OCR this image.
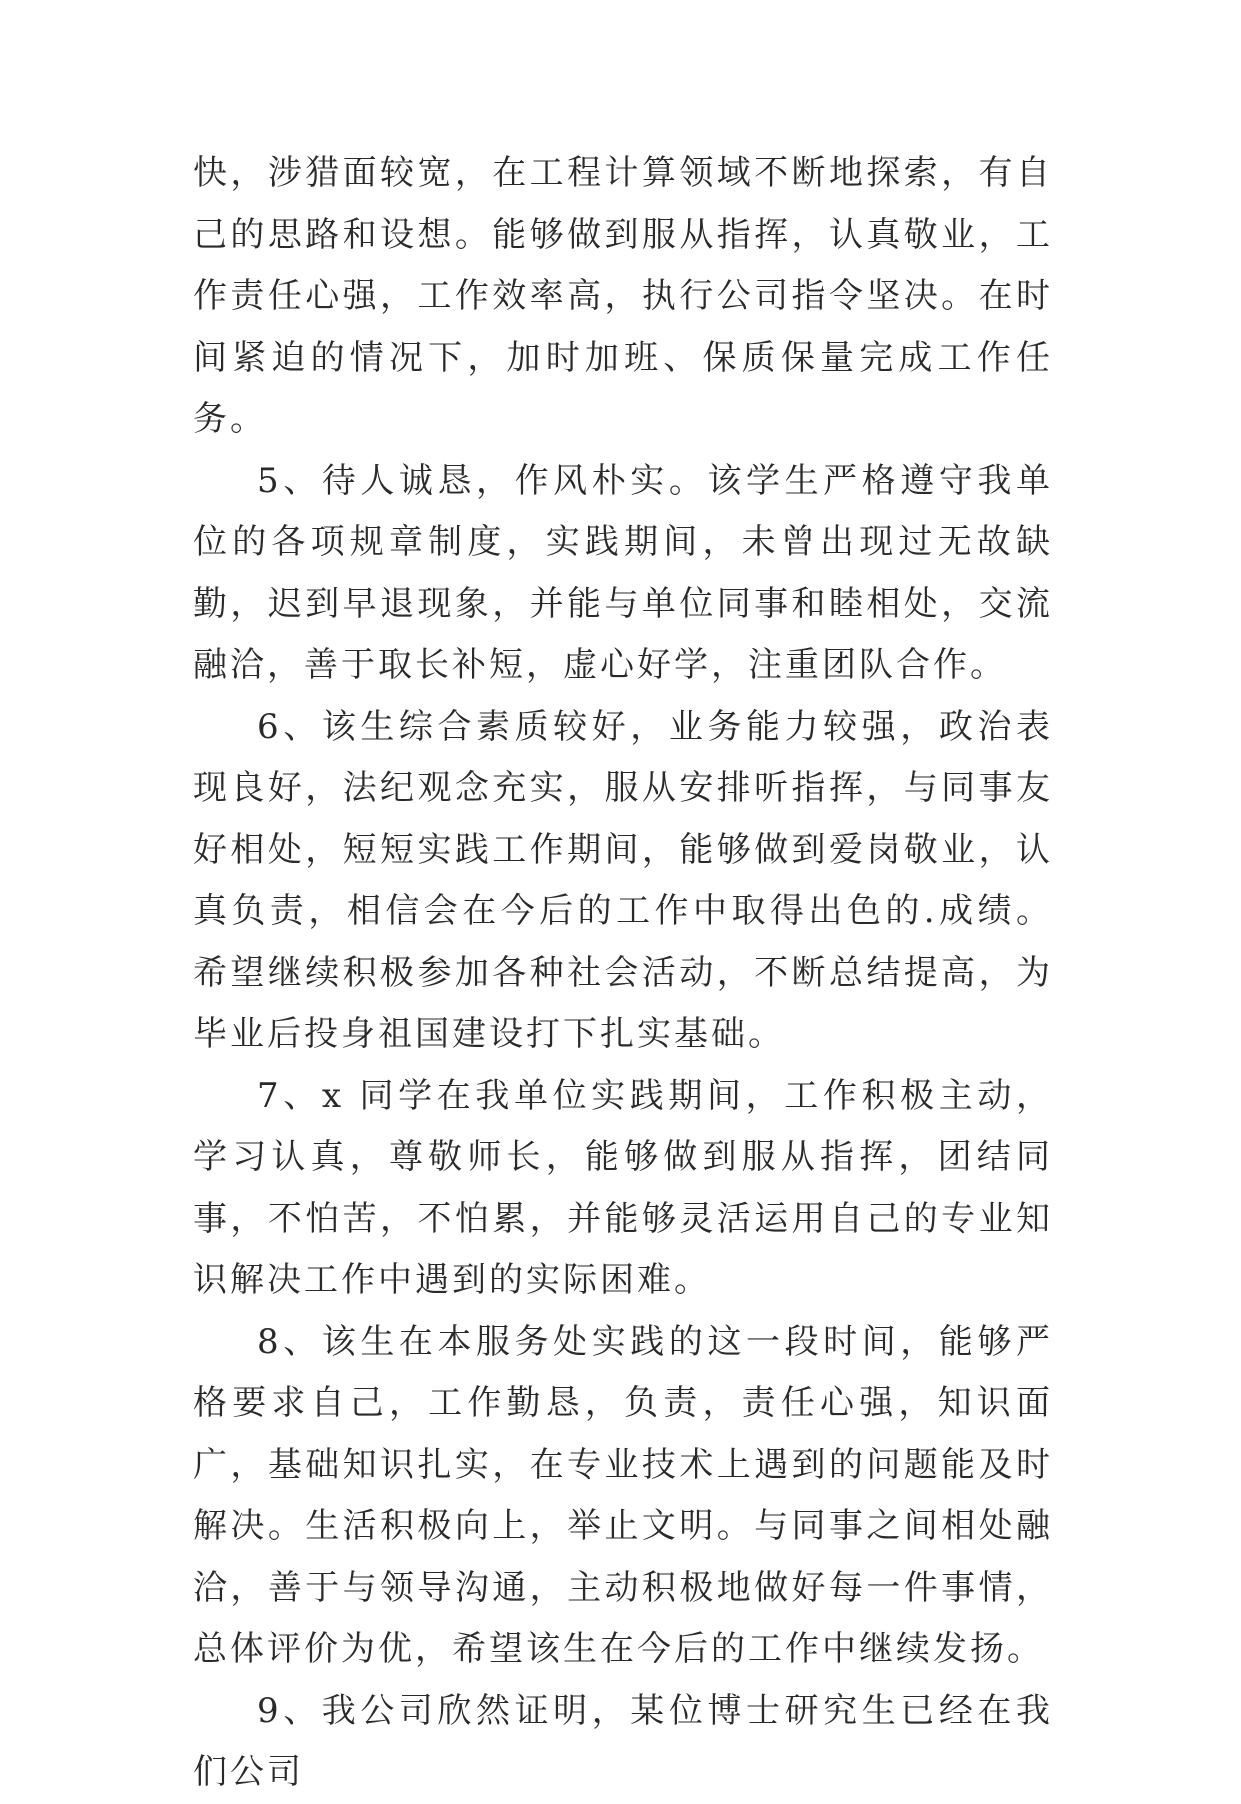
快，涉猎面较宽，在工程计算领域不断地探索，有自己的思路和设想。能够做到服从指挥，认真敬业，工作责任心强，工作效率高，执行公司指令坚决。在时间紧迫的情况下，加时加班、保质保量完成工作任务。

5、待人诚恳，作风朴实。该学生严格遵守我单位的各项规章制度，实践期间，未曾出现过无故缺勤，迟到早退现象，并能与单位同事和睦相处，交流融洽，善于取长补短，虚心好学，注重团队合作。

6、该生综合素质较好，业务能力较强，政治表现良好，法纪观念充实，服从安排听指挥，与同事友好相处，短短实践工作期间，能够做到爱岗敬业，认真负责，相信会在今后的工作中取得出色的.成绩。希望继续积极参加各种社会活动，不断总结提高，为毕业后投身祖国建设打下扎实基础。

7、x 同学在我单位实践期间，工作积极主动，学习认真，尊敬师长，能够做到服从指挥，团结同事，不怕苦，不怕累，并能够灵活运用自己的专业知识解决工作中遇到的实际困难。

8、该生在本服务处实践的这一段时间，能够严格要求自己，工作勤恳，负责，责任心强，知识面广，基础知识扎实，在专业技术上遇到的问题能及时解决。生活积极向上，举止文明。与同事之间相处融洽，善于与领导沟通，主动积极地做好每一件事情，总体评价为优，希望该生在今后的工作中继续发扬。

9、我公司欣然证明，某位博士研究生已经在我们公司
